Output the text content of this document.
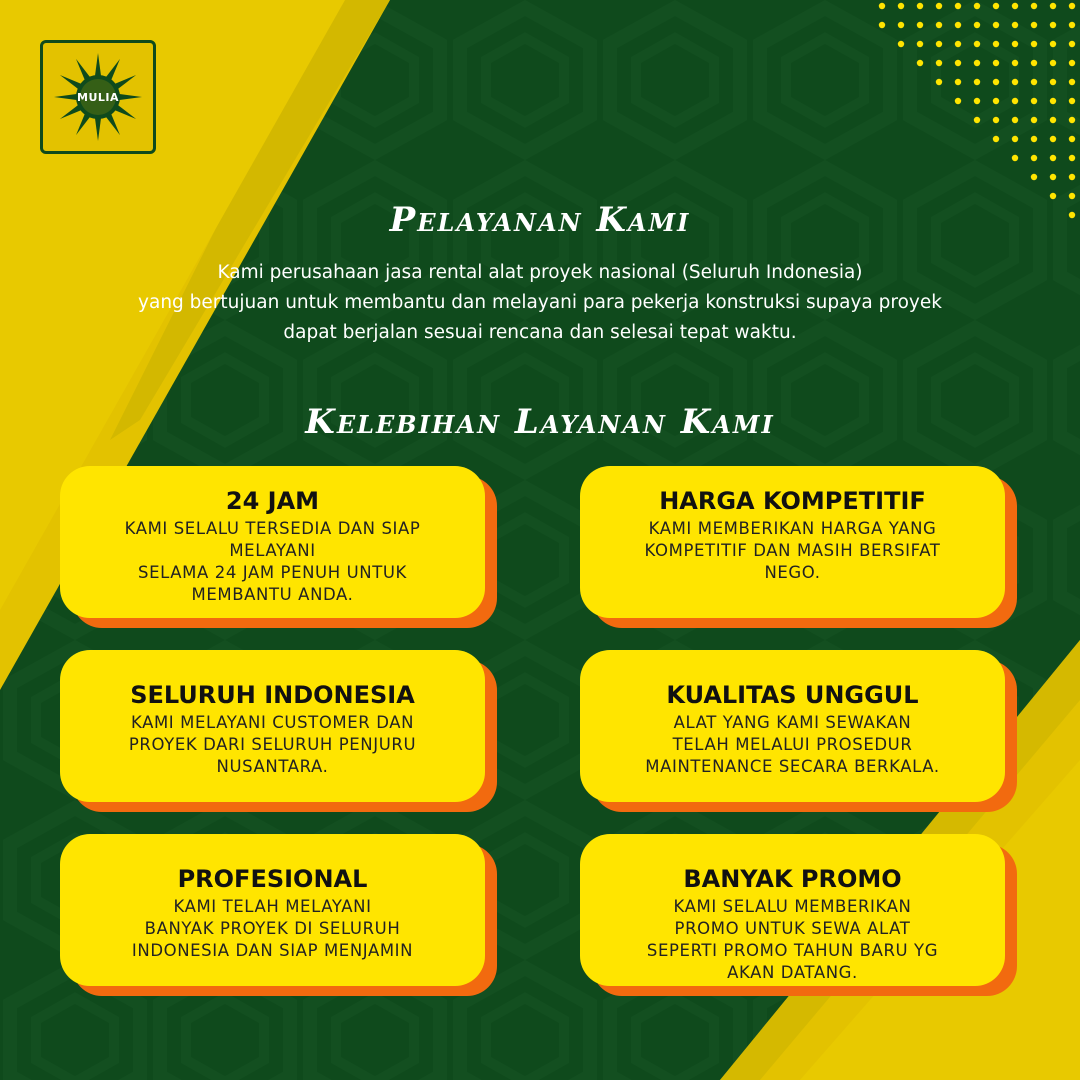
MULIA
Pelayanan Kami
Kami perusahaan jasa rental alat proyek nasional (Seluruh Indonesia)
yang bertujuan untuk membantu dan melayani para pekerja konstruksi supaya proyek
dapat berjalan sesuai rencana dan selesai tepat waktu.
Kelebihan Layanan Kami
24 JAM
KAMI SELALU TERSEDIA DAN SIAP
MELAYANI
SELAMA 24 JAM PENUH UNTUK
MEMBANTU ANDA.
HARGA KOMPETITIF
KAMI MEMBERIKAN HARGA YANG
KOMPETITIF DAN MASIH BERSIFAT
NEGO.
SELURUH INDONESIA
KAMI MELAYANI CUSTOMER DAN
PROYEK DARI SELURUH PENJURU
NUSANTARA.
KUALITAS UNGGUL
ALAT YANG KAMI SEWAKAN
TELAH MELALUI PROSEDUR
MAINTENANCE SECARA BERKALA.
PROFESIONAL
KAMI TELAH MELAYANI
BANYAK PROYEK DI SELURUH
INDONESIA DAN SIAP MENJAMIN
BANYAK PROMO
KAMI SELALU MEMBERIKAN
PROMO UNTUK SEWA ALAT
SEPERTI PROMO TAHUN BARU YG
AKAN DATANG.
